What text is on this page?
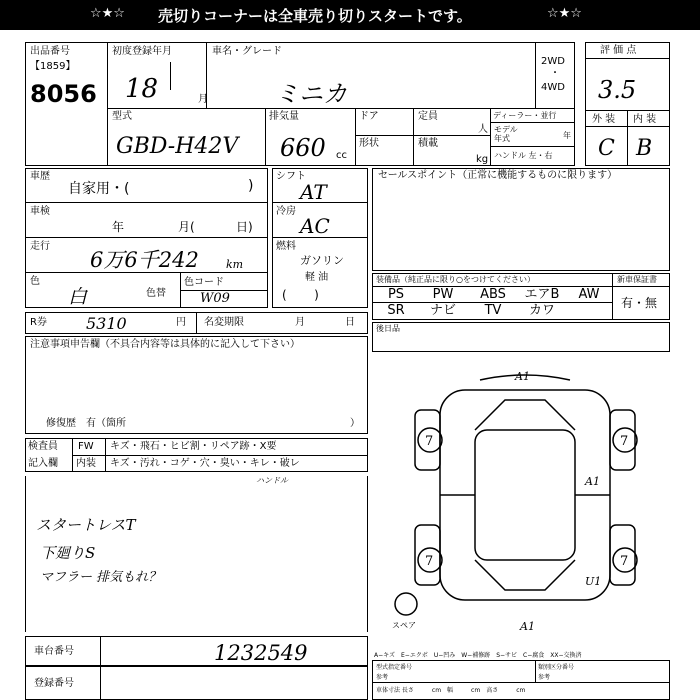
☆★☆ 売切りコーナーは全車売り切りスタートです。	☆★☆
出品番号
【1859】
8056
初度登録年月
18	月
車名・グレード
ミニカ
2WD
・
4WD
型式
GBD-H42V
排気量
660 cc
ドア
形状
定員
人
積載
kg
ディーラー・並行
モデル
年式	年
ハンドル 左・右
評 価 点
3.5
外 装 内 装
C B
車歴
自家用・(	)
車検
年	月(	日)
走行
6万6千242 km
色
白	色替
色コード
W09
シフト
AT
冷房
AC
燃料
ガソリン
軽 油
(   )
セールスポイント（正常に機能するものに限ります）
装備品（純正品に限り○をつけてください）	新車保証書
有・無
PS	PW	ABS	エアB	AW
SR	ナビ	TV	カワ
R券 5310	円 名変期限	月	日
後日品
注意事項申告欄（不具合内容等は具体的に記入して下さい）
修復歴　有（箇所	）
検査員
記入欄
FW キズ・飛石・ヒビ割・リペア跡・X要
内装 キズ・汚れ・コゲ・穴・臭い・キレ・破レ
ハンドル
スタートレスT
下廻りS
マフラー 排気もれ？
A1
7	7
A1
7	7
U1
A1
スペア
車台番号	1232549
登録番号
A−キズ　E−エクボ　U−凹み　W−補修跡　S−サビ　C−腐食　XX−交換済
型式指定番号
参考
類別区分番号
参考
車体寸法 長さ　　　cm　幅　　　cm　高さ　　　cm
